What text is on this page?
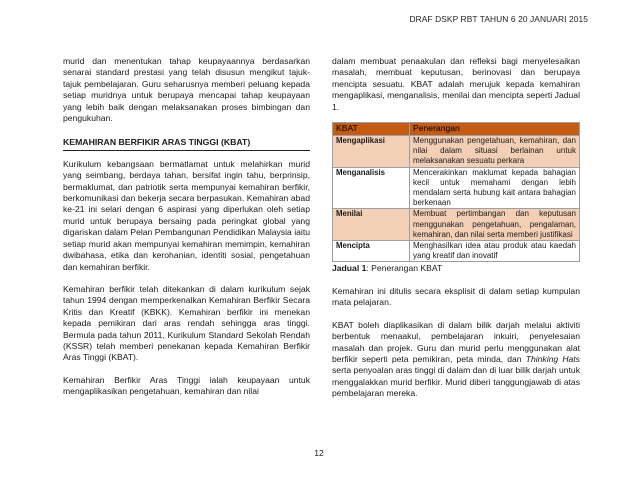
DRAF DSKP RBT TAHUN 6 20 JANUARI 2015

murid dan menentukan tahap keupayaannya berdasarkan senarai standard prestasi yang telah disusun mengikut tajuk-tajuk pembelajaran. Guru seharusnya memberi peluang kepada setiap muridnya untuk berupaya mencapai tahap keupayaan yang lebih baik dengan melaksanakan proses bimbingan dan pengukuhan.

KEMAHIRAN BERFIKIR ARAS TINGGI (KBAT)

Kurikulum kebangsaan bermatlamat untuk melahirkan murid yang seimbang, berdaya tahan, bersifat ingin tahu, berprinsip, bermaklumat, dan patriotik serta mempunyai kemahiran berfikir, berkomunikasi dan bekerja secara berpasukan. Kemahiran abad ke-21 ini selari dengan 6 aspirasi yang diperlukan oleh setiap murid untuk berupaya bersaing pada peringkat global yang digariskan dalam Pelan Pembangunan Pendidikan Malaysia iaitu setiap murid akan mempunyai kemahiran memimpin, kemahiran dwibahasa, etika dan kerohanian, identiti sosial, pengetahuan dan kemahiran berfikir.

Kemahiran berfikir telah ditekankan di dalam kurikulum sejak tahun 1994 dengan memperkenalkan Kemahiran Berfikir Secara Kritis dan Kreatif (KBKK). Kemahiran berfikir ini menekan kepada pemikiran dari aras rendah sehingga aras tinggi. Bermula pada tahun 2011, Kurikulum Standard Sekolah Rendah (KSSR) telah memberi penekanan kepada Kemahiran Berfikir Aras Tinggi (KBAT).

Kemahiran Berfikir Aras Tinggi ialah keupayaan untuk mengaplikasikan pengetahuan, kemahiran dan nilai

dalam membuat penaakulan dan refleksi bagi menyelesaikan masalah, membuat keputusan, berinovasi dan berupaya mencipta sesuatu. KBAT adalah merujuk kepada kemahiran mengaplikasi, menganalisis, menilai dan mencipta seperti Jadual 1.

KBAT	Penerangan
Mengaplikasi	Menggunakan pengetahuan, kemahiran, dan nilai dalam situasi berlainan untuk melaksanakan sesuatu perkara
Menganalisis	Mencerakinkan maklumat kepada bahagian kecil untuk memahami dengan lebih mendalam serta hubung kait antara bahagian berkenaan
Menilai	Membuat pertimbangan dan keputusan menggunakan pengetahuan, pengalaman, kemahiran, dan nilai serta memberi justifikasi
Mencipta	Menghasilkan idea atau produk atau kaedah yang kreatif dan inovatif
Jadual 1: Penerangan KBAT

Kemahiran ini ditulis secara eksplisit di dalam setiap kumpulan mata pelajaran.

KBAT boleh diaplikasikan di dalam bilik darjah melalui aktiviti berbentuk menaakul, pembelajaran inkuiri, penyelesaian masalah dan projek. Guru dan murid perlu menggunakan alat berfikir seperti peta pemikiran, peta minda, dan Thinking Hats serta penyoalan aras tinggi di dalam dan di luar bilik darjah untuk menggalakkan murid berfikir. Murid diberi tanggungjawab di atas pembelajaran mereka.

12
